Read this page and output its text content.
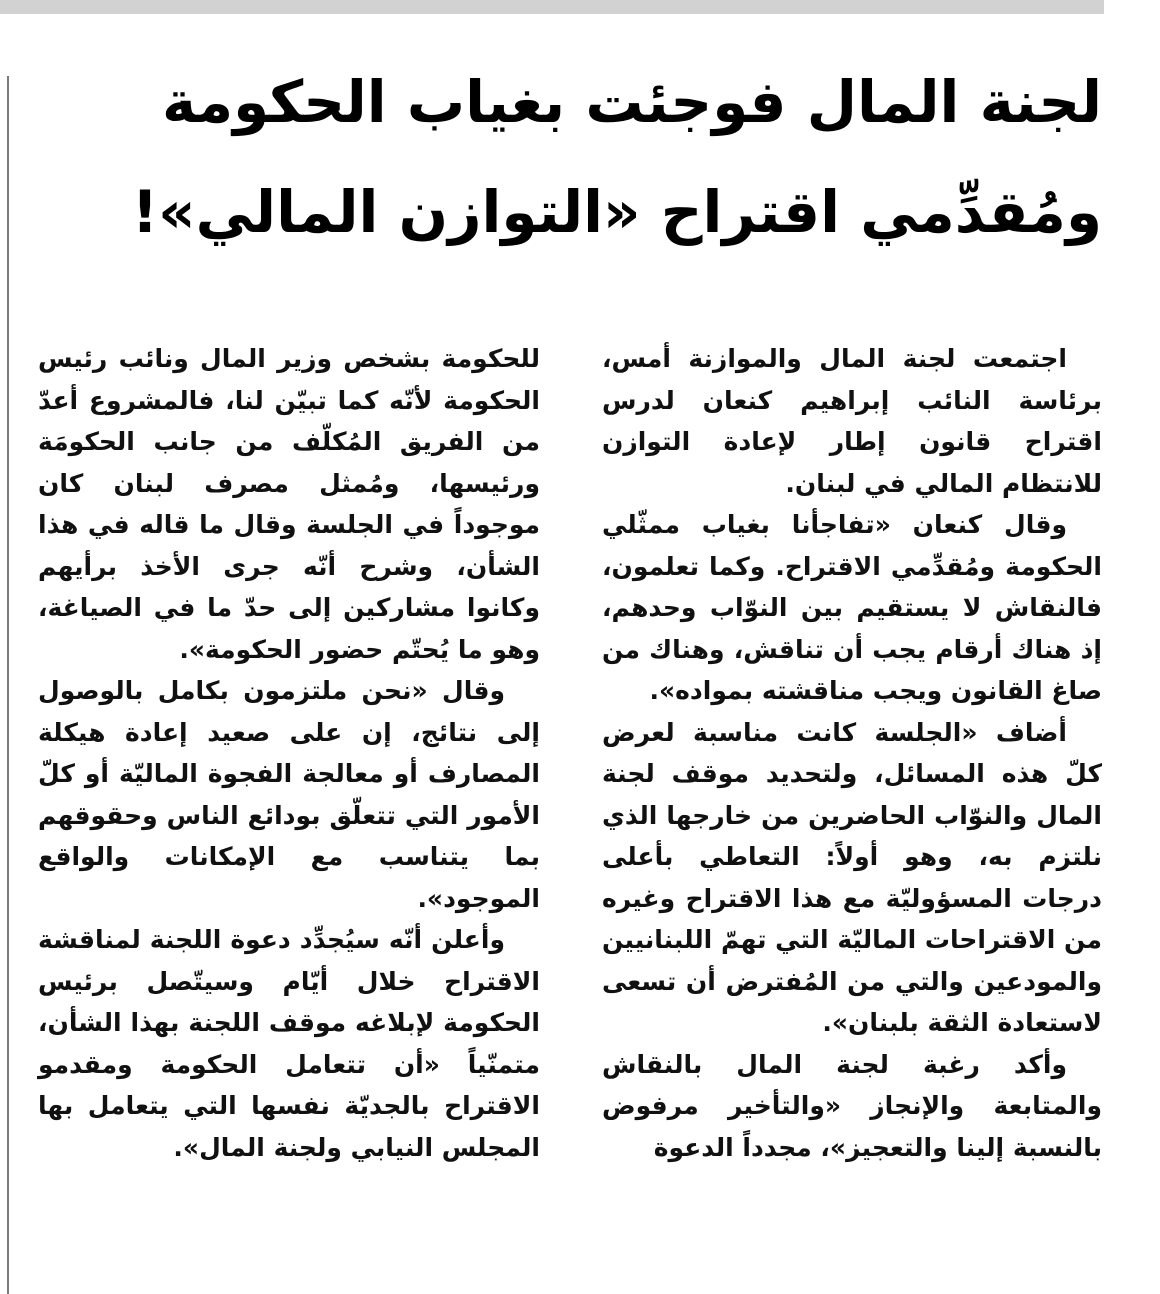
لجنة المال فوجئت بغياب الحكومة
ومُقدِّمي اقتراح «التوازن المالي»!

اجتمعت لجنة المال والموازنة أمس، برئاسة النائب إبراهيم كنعان لدرس اقتراح قانون إطار لإعادة التوازن للانتظام المالي في لبنان.

وقال كنعان «تفاجأنا بغياب ممثّلي الحكومة ومُقدِّمي الاقتراح. وكما تعلمون، فالنقاش لا يستقيم بين النوّاب وحدهم، إذ هناك أرقام يجب أن تناقش، وهناك من صاغ القانون ويجب مناقشته بمواده».

أضاف «الجلسة كانت مناسبة لعرض كلّ هذه المسائل، ولتحديد موقف لجنة المال والنوّاب الحاضرين من خارجها الذي نلتزم به، وهو أولاً: التعاطي بأعلى درجات المسؤوليّة مع هذا الاقتراح وغيره من الاقتراحات الماليّة التي تهمّ اللبنانيين والمودعين والتي من المُفترض أن تسعى لاستعادة الثقة بلبنان».

وأكد رغبة لجنة المال بالنقاش والمتابعة والإنجاز «والتأخير مرفوض بالنسبة إلينا والتعجيز»، مجدداً الدعوة

للحكومة بشخص وزير المال ونائب رئيس الحكومة لأنّه كما تبيّن لنا، فالمشروع أعدّ من الفريق المُكلّف من جانب الحكومَة ورئيسها، ومُمثل مصرف لبنان كان موجوداً في الجلسة وقال ما قاله في هذا الشأن، وشرح أنّه جرى الأخذ برأيهم وكانوا مشاركين إلى حدّ ما في الصياغة، وهو ما يُحتّم حضور الحكومة».

وقال «نحن ملتزمون بكامل بالوصول إلى نتائج، إن على صعيد إعادة هيكلة المصارف أو معالجة الفجوة الماليّة أو كلّ الأمور التي تتعلّق بودائع الناس وحقوقهم بما يتناسب مع الإمكانات والواقع الموجود».

وأعلن أنّه سيُجدِّد دعوة اللجنة لمناقشة الاقتراح خلال أيّام وسيتّصل برئيس الحكومة لإبلاغه موقف اللجنة بهذا الشأن، متمنّياً «أن تتعامل الحكومة ومقدمو الاقتراح بالجديّة نفسها التي يتعامل بها المجلس النيابي ولجنة المال».
